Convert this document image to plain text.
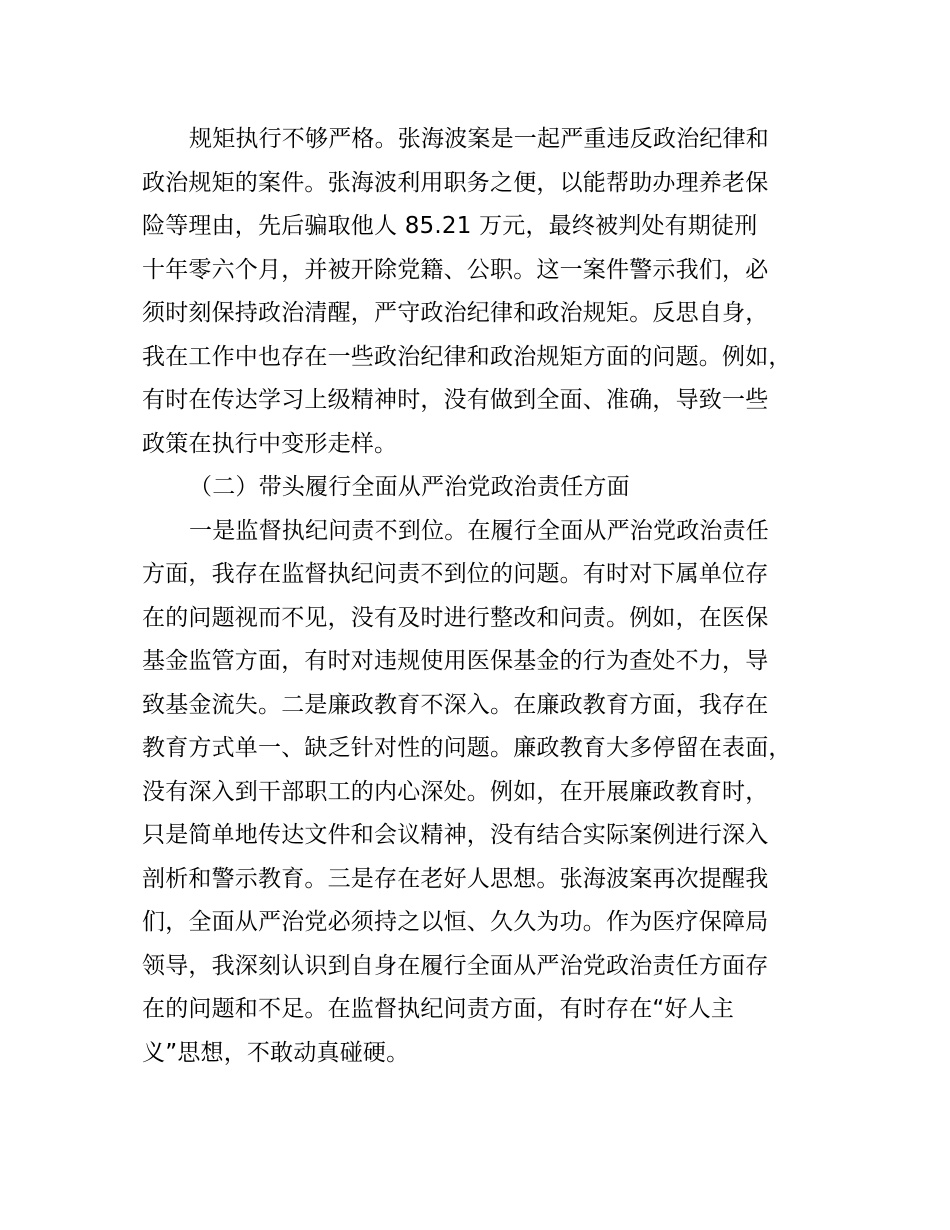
规矩执行不够严格。张海波案是一起严重违反政治纪律和
政治规矩的案件。张海波利用职务之便，以能帮助办理养老保
险等理由，先后骗取他人 85.21 万元，最终被判处有期徒刑
十年零六个月，并被开除党籍、公职。这一案件警示我们，必
须时刻保持政治清醒，严守政治纪律和政治规矩。反思自身，
我在工作中也存在一些政治纪律和政治规矩方面的问题。例如，
有时在传达学习上级精神时，没有做到全面、准确，导致一些
政策在执行中变形走样。
（二）带头履行全面从严治党政治责任方面
一是监督执纪问责不到位。在履行全面从严治党政治责任
方面，我存在监督执纪问责不到位的问题。有时对下属单位存
在的问题视而不见，没有及时进行整改和问责。例如，在医保
基金监管方面，有时对违规使用医保基金的行为查处不力，导
致基金流失。二是廉政教育不深入。在廉政教育方面，我存在
教育方式单一、缺乏针对性的问题。廉政教育大多停留在表面，
没有深入到干部职工的内心深处。例如，在开展廉政教育时，
只是简单地传达文件和会议精神，没有结合实际案例进行深入
剖析和警示教育。三是存在老好人思想。张海波案再次提醒我
们，全面从严治党必须持之以恒、久久为功。作为医疗保障局
领导，我深刻认识到自身在履行全面从严治党政治责任方面存
在的问题和不足。在监督执纪问责方面，有时存在“好人主
义”思想，不敢动真碰硬。
